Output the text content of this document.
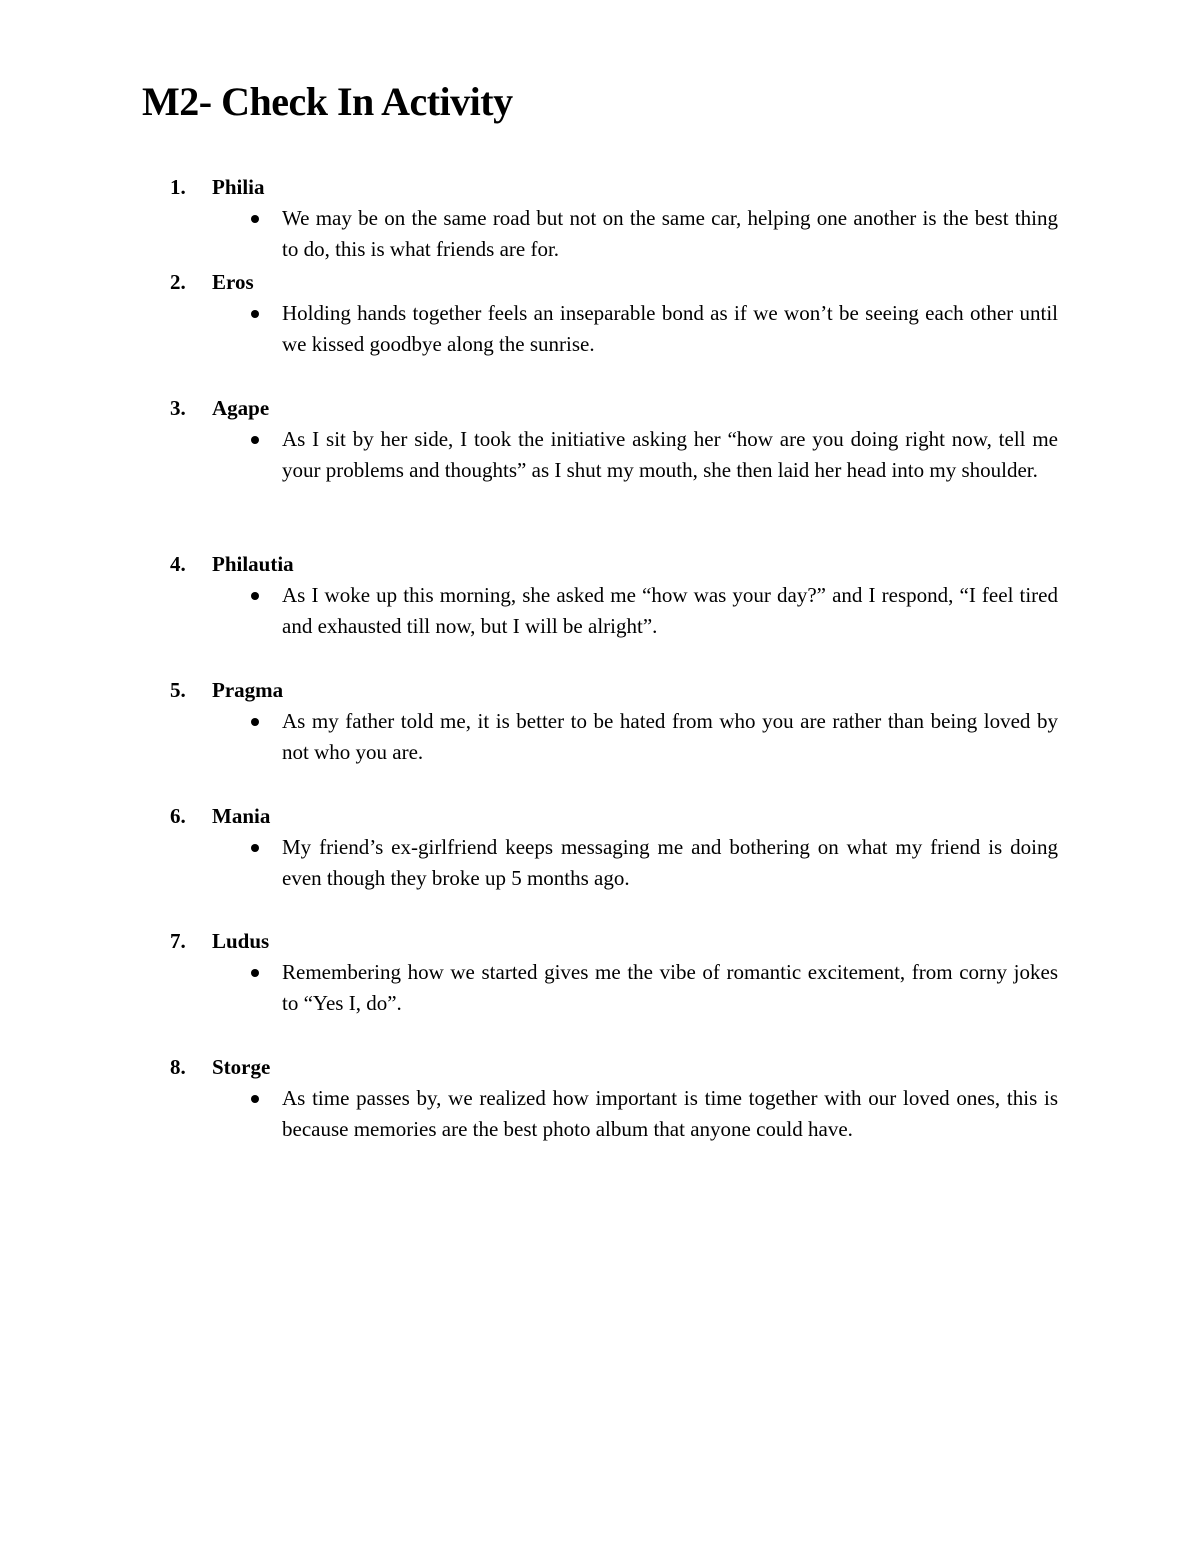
M2- Check In Activity
1.	Philia
We may be on the same road but not on the same car, helping one another is the best thing to do, this is what friends are for.
2.	Eros
Holding hands together feels an inseparable bond as if we won’t be seeing each other until we kissed goodbye along the sunrise.
3.	Agape
As I sit by her side, I took the initiative asking her “how are you doing right now, tell me your problems and thoughts” as I shut my mouth, she then laid her head into my shoulder.
4.	Philautia
As I woke up this morning, she asked me “how was your day?” and I respond, “I feel tired and exhausted till now, but I will be alright”.
5.	Pragma
As my father told me, it is better to be hated from who you are rather than being loved by not who you are.
6.	Mania
My friend’s ex-girlfriend keeps messaging me and bothering on what my friend is doing even though they broke up 5 months ago.
7.	Ludus
Remembering how we started gives me the vibe of romantic excitement, from corny jokes to “Yes I, do”.
8.	Storge
As time passes by, we realized how important is time together with our loved ones, this is because memories are the best photo album that anyone could have.
